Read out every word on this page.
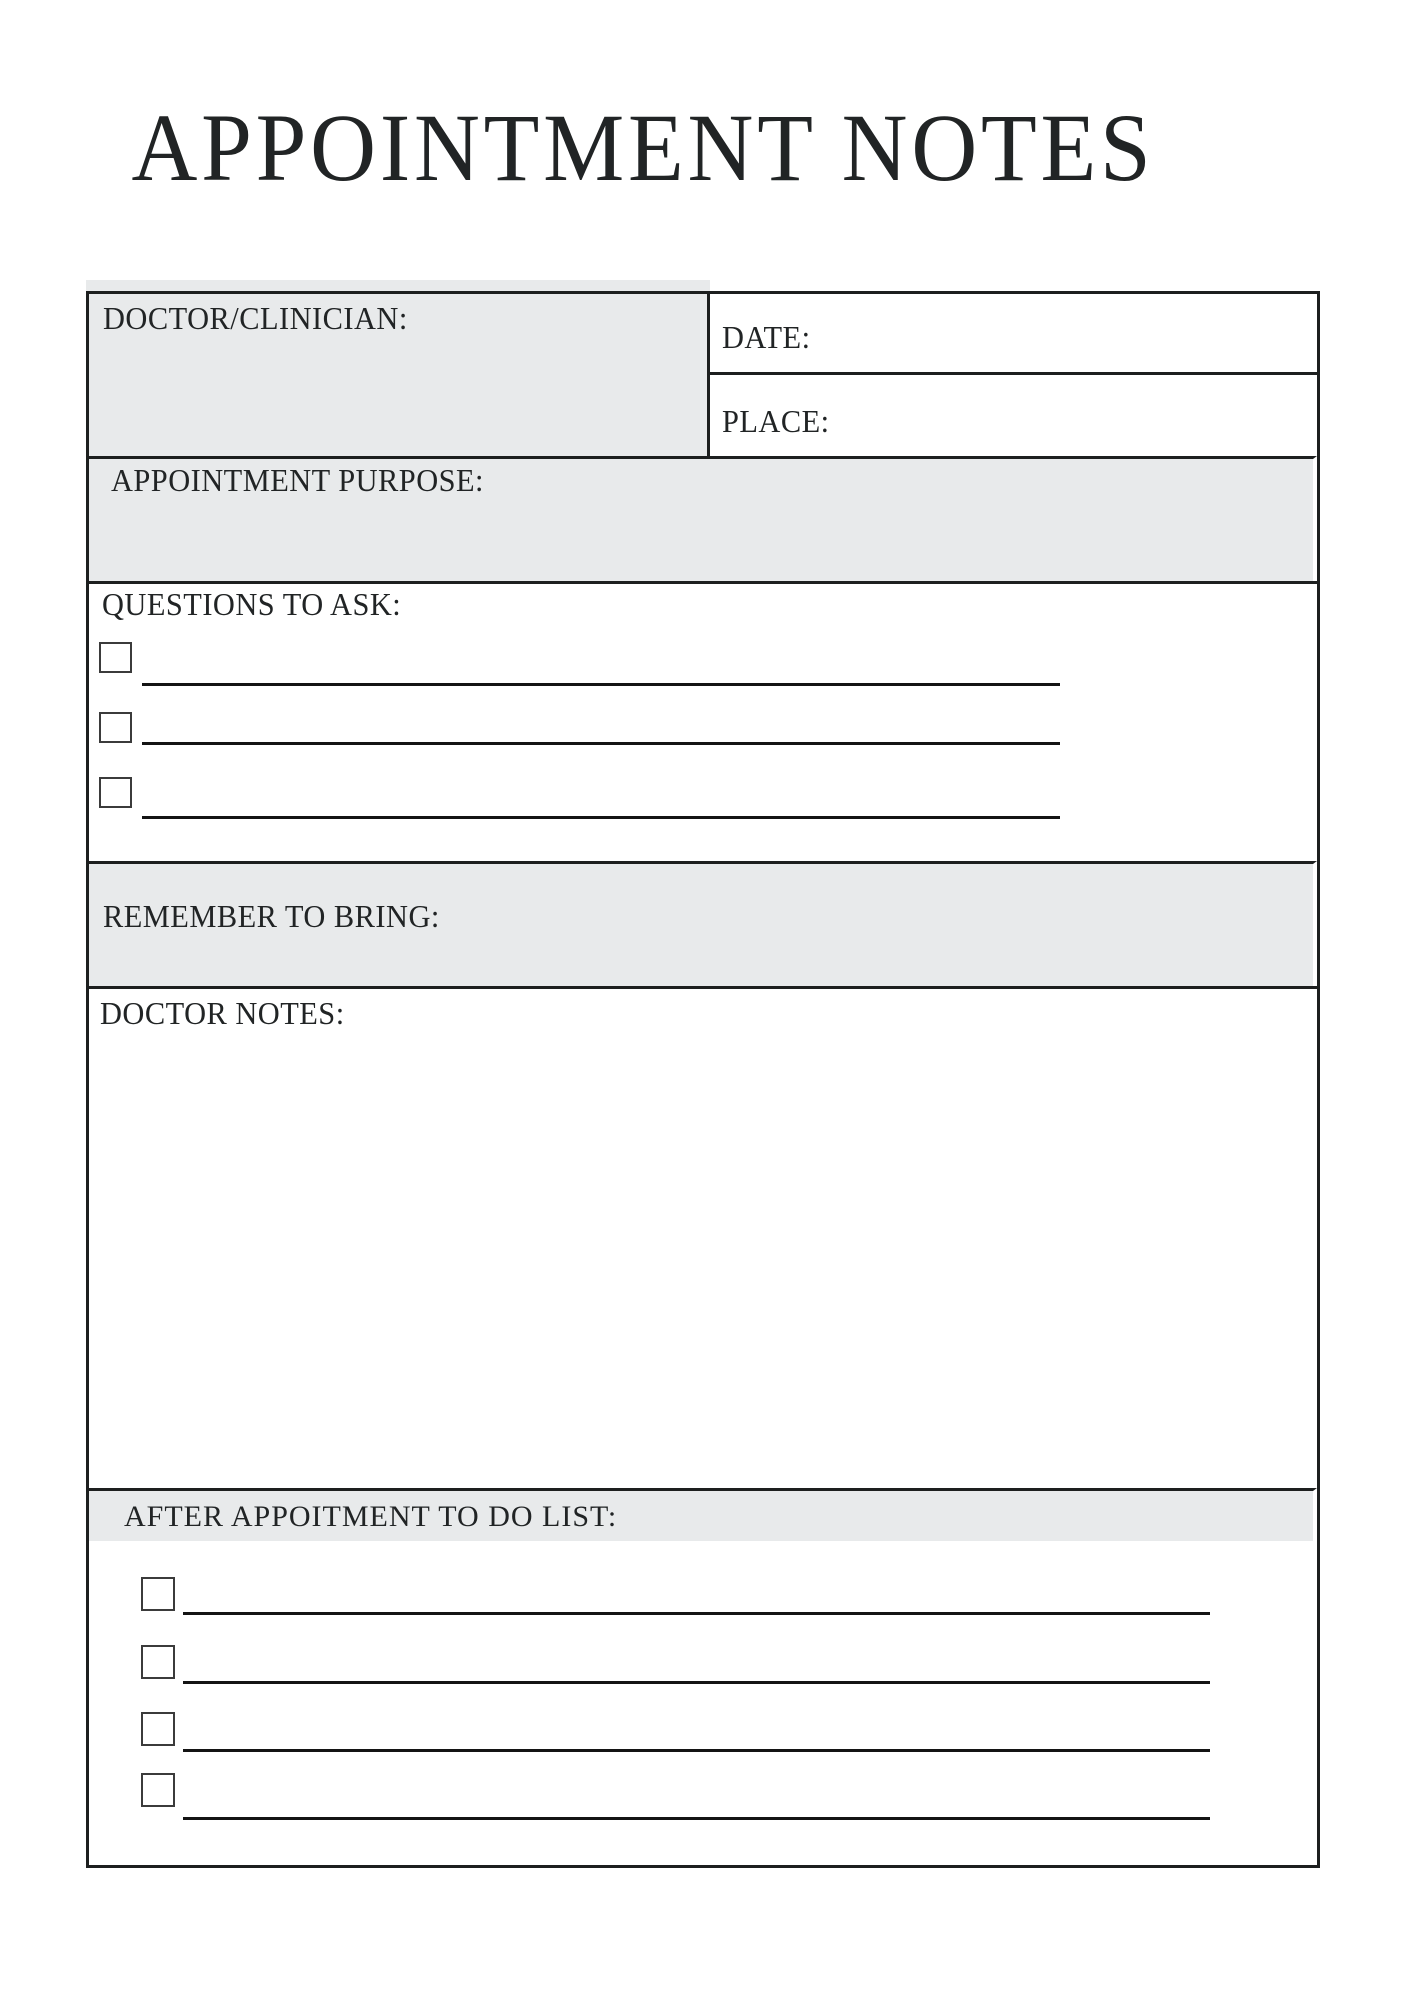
APPOINTMENT NOTES
DOCTOR/CLINICIAN:
DATE:
PLACE:
APPOINTMENT PURPOSE:
QUESTIONS TO ASK:
REMEMBER TO BRING:
DOCTOR NOTES:
AFTER APPOITMENT TO DO LIST:
